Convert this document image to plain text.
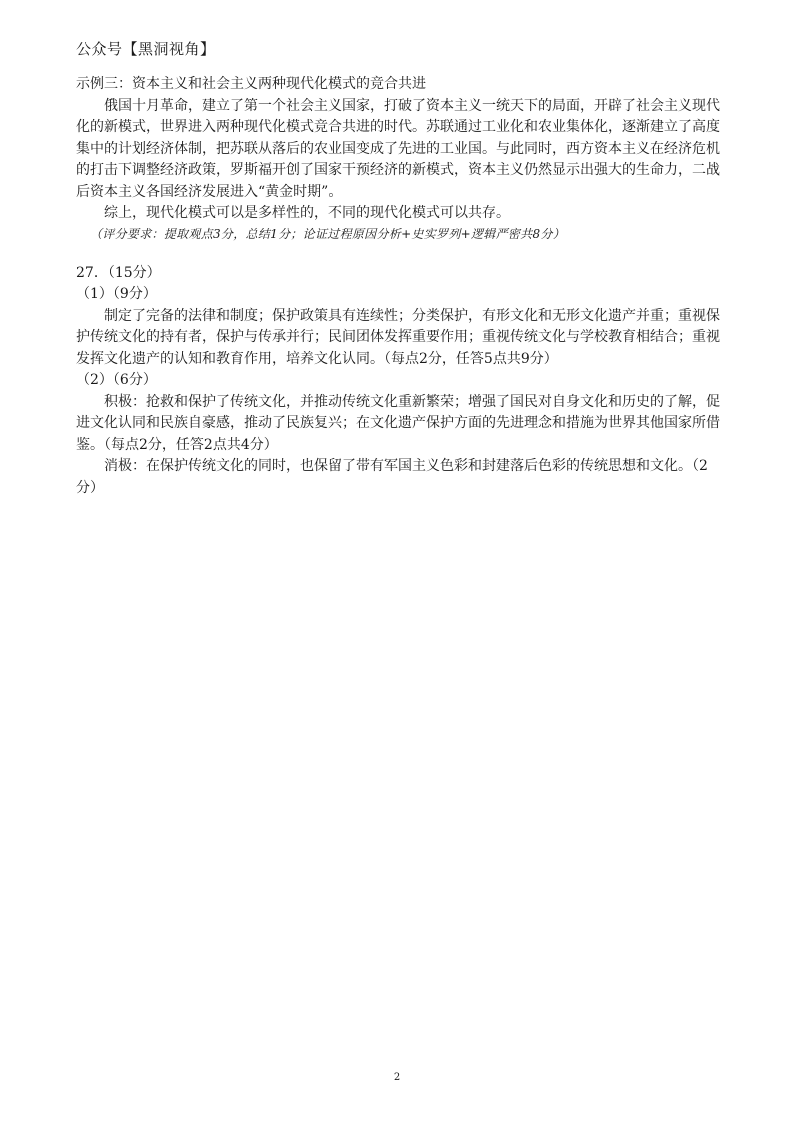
公众号【黑洞视角】

示例三：资本主义和社会主义两种现代化模式的竞合共进

俄国十月革命，建立了第一个社会主义国家，打破了资本主义一统天下的局面，开辟了社会主义现代化的新模式，世界进入两种现代化模式竞合共进的时代。苏联通过工业化和农业集体化，逐渐建立了高度集中的计划经济体制，把苏联从落后的农业国变成了先进的工业国。与此同时，西方资本主义在经济危机的打击下调整经济政策，罗斯福开创了国家干预经济的新模式，资本主义仍然显示出强大的生命力，二战后资本主义各国经济发展进入“黄金时期”。

综上，现代化模式可以是多样性的，不同的现代化模式可以共存。

（评分要求：提取观点3分，总结1分；论证过程原因分析+史实罗列+逻辑严密共8分）

27．（15分）

（1）（9分）

制定了完备的法律和制度；保护政策具有连续性；分类保护，有形文化和无形文化遗产并重；重视保护传统文化的持有者，保护与传承并行；民间团体发挥重要作用；重视传统文化与学校教育相结合；重视发挥文化遗产的认知和教育作用，培养文化认同。（每点2分，任答5点共9分）

（2）（6分）

积极：抢救和保护了传统文化，并推动传统文化重新繁荣；增强了国民对自身文化和历史的了解，促进文化认同和民族自豪感，推动了民族复兴；在文化遗产保护方面的先进理念和措施为世界其他国家所借鉴。（每点2分，任答2点共4分）

消极：在保护传统文化的同时，也保留了带有军国主义色彩和封建落后色彩的传统思想和文化。（2分）

2
